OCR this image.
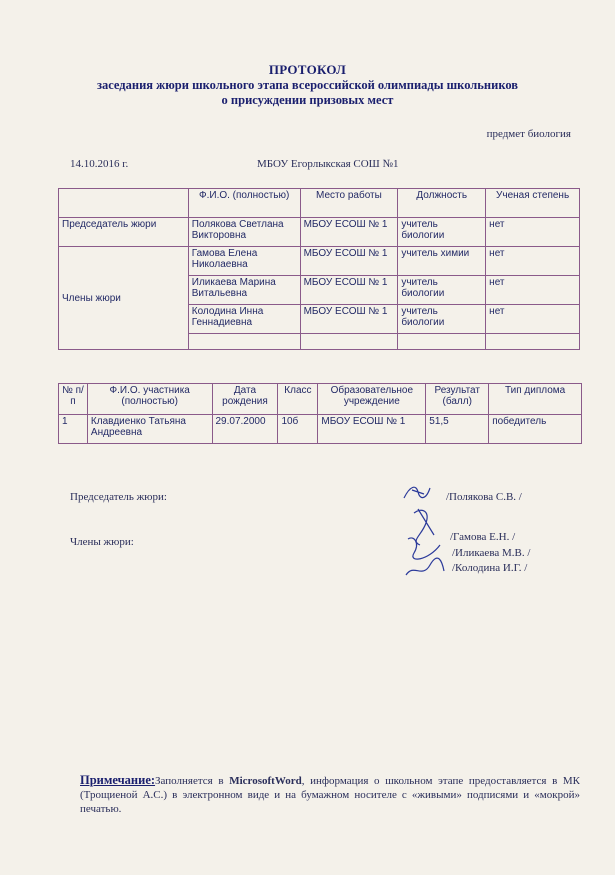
ПРОТОКОЛ
заседания жюри школьного этапа всероссийской олимпиады школьников
о присуждении призовых мест
предмет биология
14.10.2016 г.	МБОУ Егорлыкская СОШ №1
	Ф.И.О. (полностью)	Место работы	Должность	Ученая степень
Председатель жюри	Полякова Светлана Викторовна	МБОУ ЕСОШ № 1	учитель биологии	нет
Члены жюри	Гамова Елена Николаевна	МБОУ ЕСОШ № 1	учитель химии	нет
	Иликаева Марина Витальевна	МБОУ ЕСОШ № 1	учитель биологии	нет
	Колодина Инна Геннадиевна	МБОУ ЕСОШ № 1	учитель биологии	нет

№ п/п	Ф.И.О. участника (полностью)	Дата рождения	Класс	Образовательное учреждение	Результат (балл)	Тип диплома
1	Клавдиенко Татьяна Андреевна	29.07.2000	10б	МБОУ ЕСОШ № 1	51,5	победитель
Председатель жюри:	/Полякова С.В. /
Члены жюри:	/Гамова Е.Н. /
/Иликаева М.В. /
/Колодина И.Г. /
Примечание:Заполняется в MicrosoftWord, информация о школьном этапе предоставляется в МК (Трощиеной А.С.) в электронном виде и на бумажном носителе с «живыми» подписями и «мокрой» печатью.
